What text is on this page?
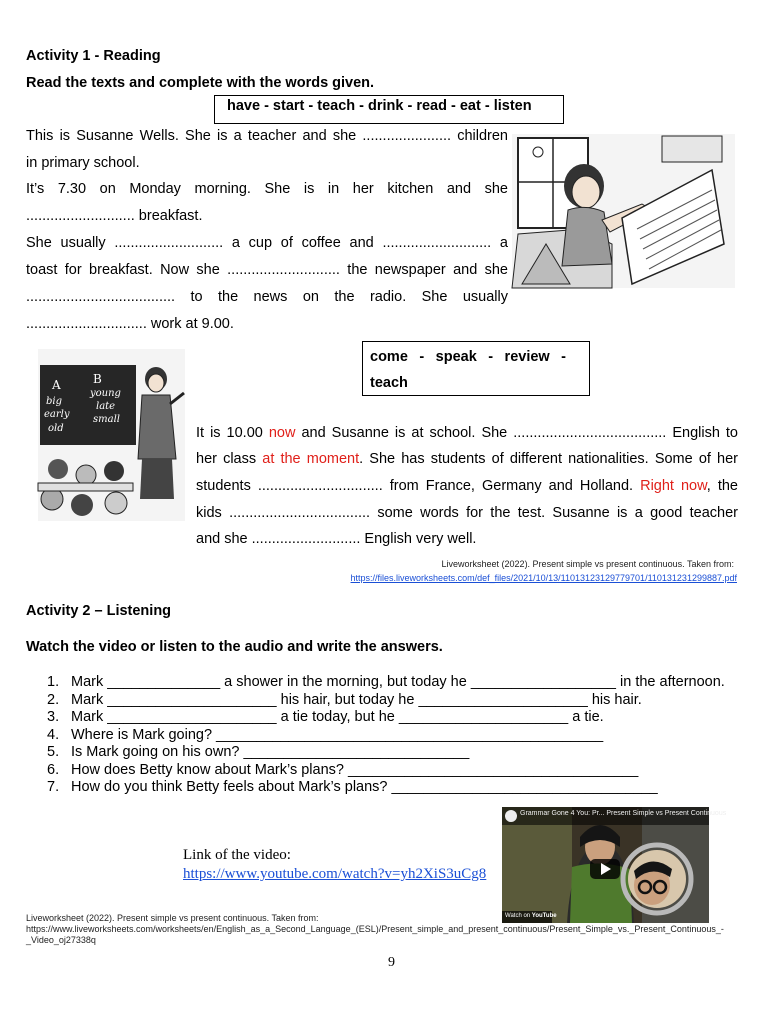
Activity 1 - Reading
Read the texts and complete with the words given.
have - start - teach - drink - read - eat - listen
This is Susanne Wells. She is a teacher and she ...................... children
in primary school.
It’s 7.30 on Monday morning. She is in her kitchen and she
........................... breakfast.
She usually ........................... a cup of coffee and ........................... a
toast for breakfast. Now she ............................ the newspaper and she
..................................... to the news on the radio. She usually
.............................. work at 9.00.
come - speak - review -
teach
A	B
big
early
old
young
late
small
It is 10.00 now and Susanne is at school. She ...................................... English to
her class at the moment. She has students of different nationalities. Some of her
students ............................... from France, Germany and Holland. Right now, the
kids ................................... some words for the test. Susanne is a good teacher
and she ........................... English very well.
Liveworksheet (2022). Present simple vs present continuous. Taken from:
https://files.liveworksheets.com/def_files/2021/10/13/1101312312977970​1/110131231299887.pdf
Activity 2 – Listening
Watch the video or listen to the audio and write the answers.
1. Mark ______________ a shower in the morning, but today he __________________ in the afternoon.
2. Mark _____________________ his hair, but today he _____________________ his hair.
3. Mark _____________________ a tie today, but he _____________________ a tie.
4. Where is Mark going? ________________________________________________
5. Is Mark going on his own? ____________________________
6. How does Betty know about Mark’s plans? ____________________________________
7. How do you think Betty feels about Mark’s plans? _________________________________
Link of the video:
https://www.youtube.com/watch?v=yh2XiS3uCg8
Grammar Gone 4 You: Pr... Present Simple vs Present Continuous
Watch on YouTube
Liveworksheet (2022). Present simple vs present continuous. Taken from:
https://www.liveworksheets.com/worksheets/en/English_as_a_Second_Language_(ESL)/Present_simple_and_present_continuous/Present_Simple_vs._Present_Continuous_-
_Video_oj27338q
9
